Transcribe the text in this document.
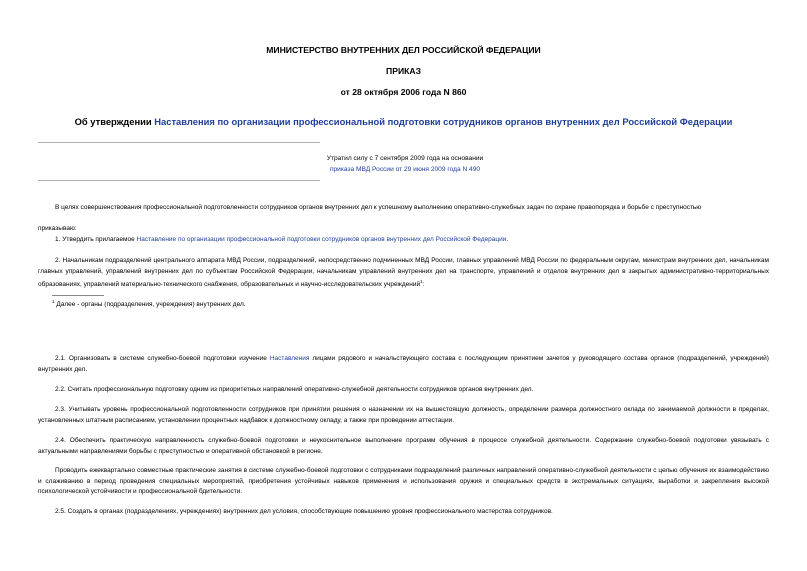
МИНИСТЕРСТВО ВНУТРЕННИХ ДЕЛ РОССИЙСКОЙ ФЕДЕРАЦИИ
ПРИКАЗ
от 28 октября 2006 года N 860
Об утверждении Наставления по организации профессиональной подготовки сотрудников органов внутренних дел Российской Федерации
Утратил силу с 7 сентября 2009 года на основании
приказа МВД России от 29 июня 2009 года N 490
В целях совершенствования профессиональной подготовленности сотрудников органов внутренних дел к успешному выполнению оперативно-служебных задач по охране правопорядка и борьбе с преступностью
приказываю:
1. Утвердить прилагаемое Наставление по организации профессиональной подготовки сотрудников органов внутренних дел Российской Федерации.
2. Начальникам подразделений центрального аппарата МВД России, подразделений, непосредственно подчиненных МВД России, главных управлений МВД России по федеральным округам, министрам внутренних дел, начальникам главных управлений, управлений внутренних дел по субъектам Российской Федерации, начальникам управлений внутренних дел на транспорте, управлений и отделов внутренних дел в закрытых административно-территориальных образованиях, управлений материально-технического снабжения, образовательных и научно-исследовательских учреждений$^1$:
$^1$ Далее - органы (подразделения, учреждения) внутренних дел.
2.1. Организовать в системе служебно-боевой подготовки изучение Наставления лицами рядового и начальствующего состава с последующим принятием зачетов у руководящего состава органов (подразделений, учреждений) внутренних дел.
2.2. Считать профессиональную подготовку одним из приоритетных направлений оперативно-служебной деятельности сотрудников органов внутренних дел.
2.3. Учитывать уровень профессиональной подготовленности сотрудников при принятии решения о назначении их на вышестоящую должность, определении размера должностного оклада по занимаемой должности в пределах, установленных штатным расписанием, установлении процентных надбавок к должностному окладу, а также при проведении аттестации.
2.4. Обеспечить практическую направленность служебно-боевой подготовки и неукоснительное выполнение программ обучения в процессе служебной деятельности. Содержание служебно-боевой подготовки увязывать с актуальными направлениями борьбы с преступностью и оперативной обстановкой в регионе.
Проводить ежеквартально совместные практические занятия в системе служебно-боевой подготовки с сотрудниками подразделений различных направлений оперативно-служебной деятельности с целью обучения их взаимодействию и слаживанию в период проведения специальных мероприятий, приобретения устойчивых навыков применения и использования оружия и специальных средств в экстремальных ситуациях, выработки и закрепления высокой психологической устойчивости и профессиональной бдительности.
2.5. Создать в органах (подразделениях, учреждениях) внутренних дел условия, способствующие повышению уровня профессионального мастерства сотрудников.
